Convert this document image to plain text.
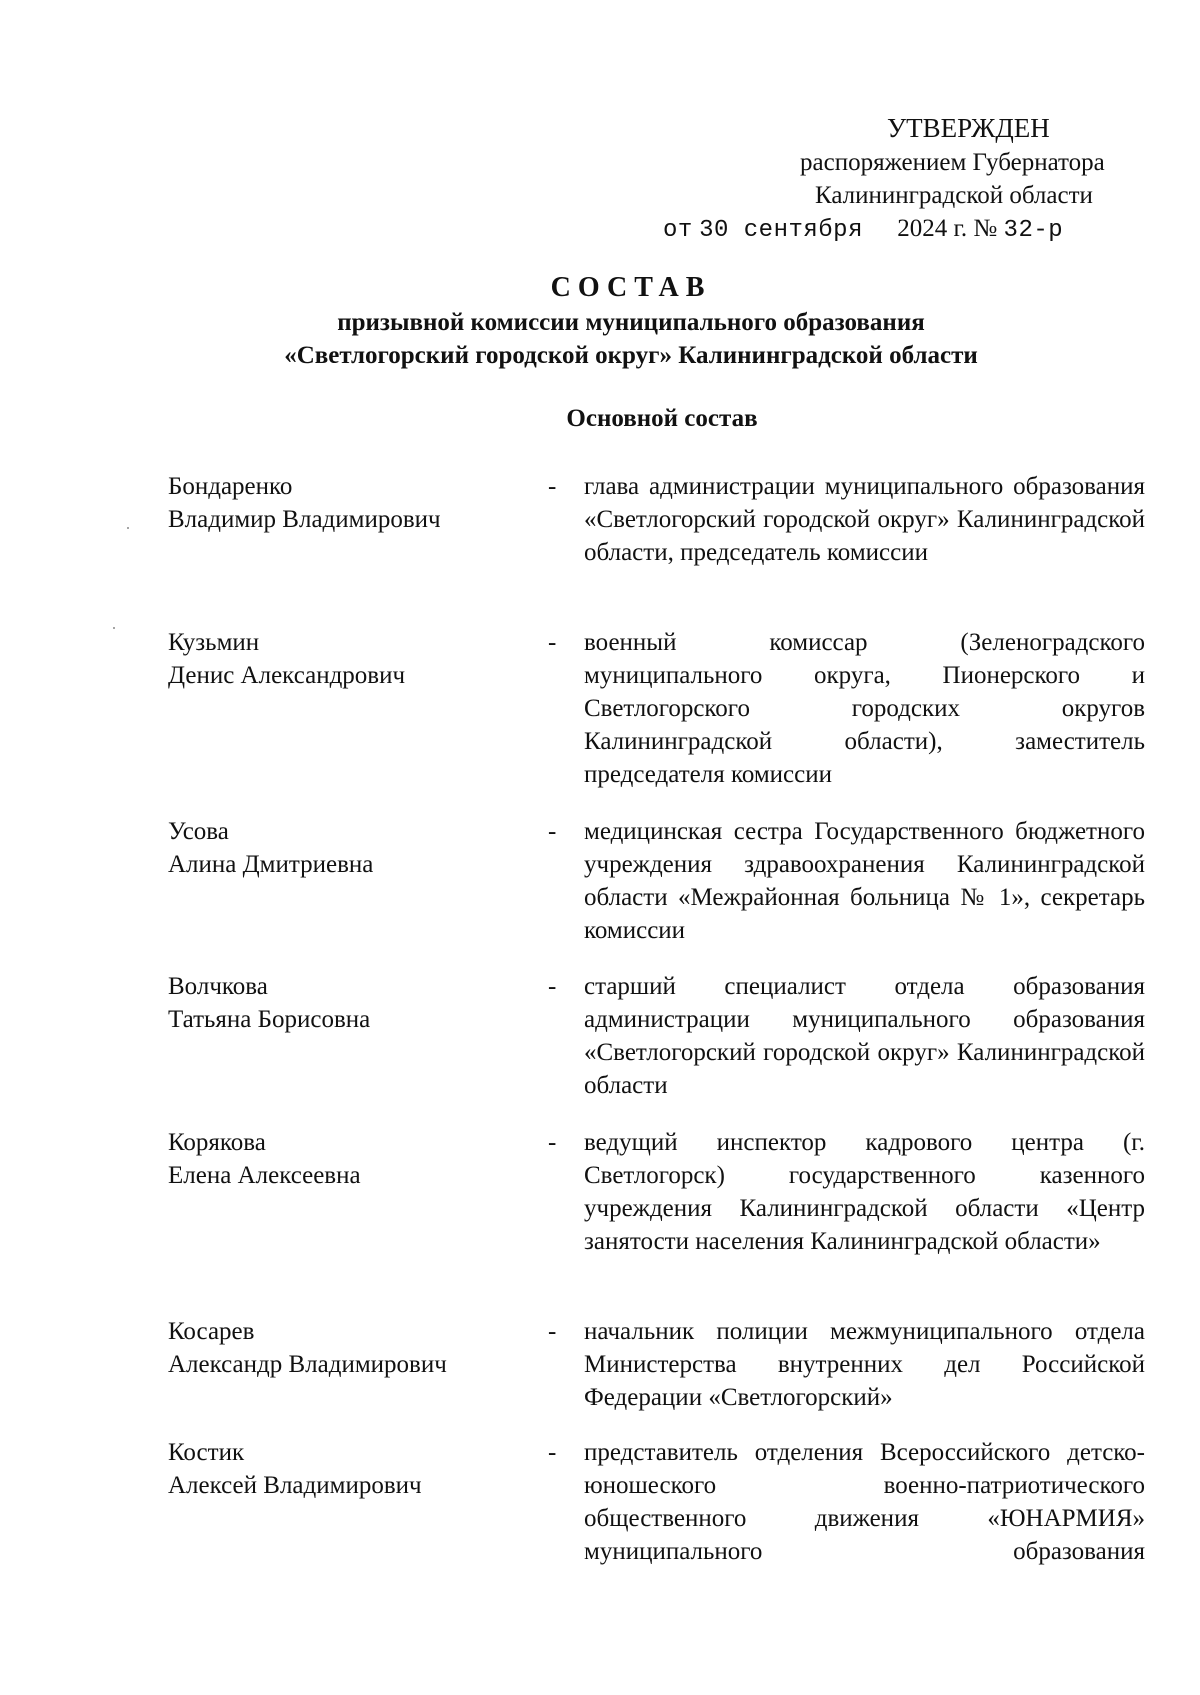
УТВЕРЖДЕН
распоряжением Губернатора
Калининградской области
от 30 сентября 2024 г. № 32-р
СОСТАВ
призывной комиссии муниципального образования
«Светлогорский городской округ» Калининградской области
Основной состав
Бондаренко
Владимир Владимирович
- глава администрации муниципального образования «Светлогорский городской округ» Калининградской области, председатель комиссии
Кузьмин
Денис Александрович
- военный комиссар (Зеленоградского муниципального округа, Пионерского и Светлогорского городских округов Калининградской области), заместитель председателя комиссии
Усова
Алина Дмитриевна
- медицинская сестра Государственного бюджетного учреждения здравоохранения Калининградской области «Межрайонная больница № 1», секретарь комиссии
Волчкова
Татьяна Борисовна
- старший специалист отдела образования администрации муниципального образования «Светлогорский городской округ» Калининградской области
Корякова
Елена Алексеевна
- ведущий инспектор кадрового центра (г. Светлогорск) государственного казенного учреждения Калининградской области «Центр занятости населения Калининградской области»
Косарев
Александр Владимирович
- начальник полиции межмуниципального отдела Министерства внутренних дел Российской Федерации «Светлогорский»
Костик
Алексей Владимирович
- представитель отделения Всероссийского детско-юношеского военно-патриотического общественного движения «ЮНАРМИЯ» муниципального образования
